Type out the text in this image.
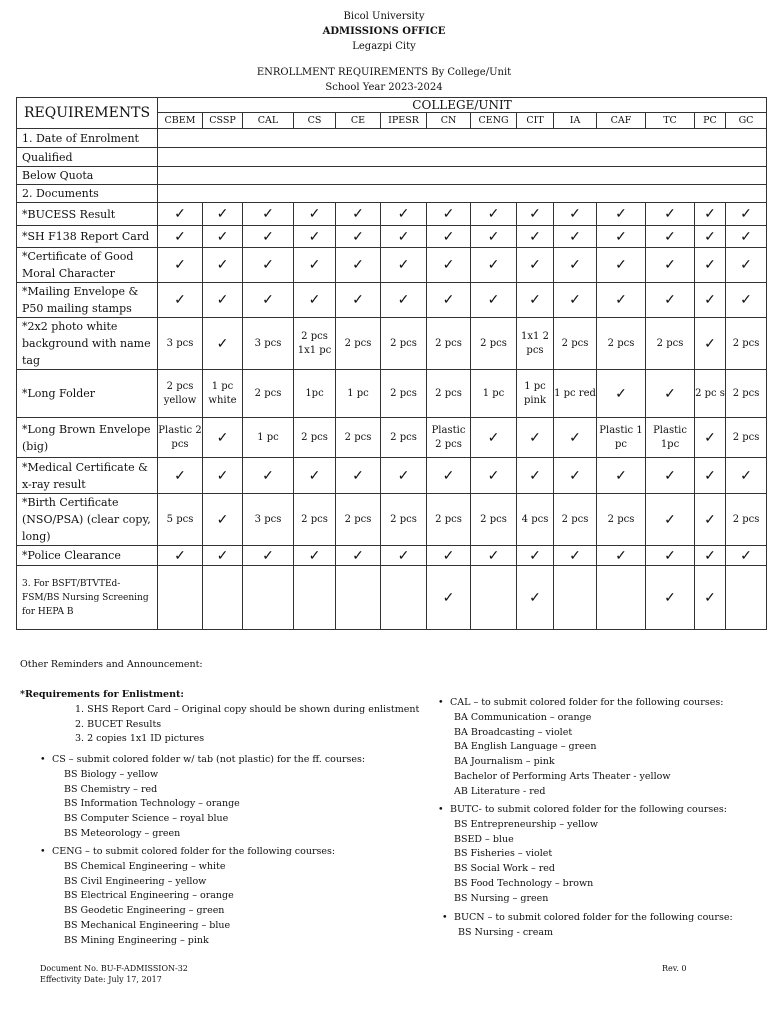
Bicol University
ADMISSIONS OFFICE
Legazpi City
ENROLLMENT REQUIREMENTS By College/Unit
School Year 2023-2024
REQUIREMENTS	COLLEGE/UNIT													
	CBEM	CSSP	CAL	CS	CE	IPESR	CN	CENG	CIT	IA	CAF	TC	PC	GC
1. Date of Enrolment														
Qualified														
Below Quota														
2. Documents														
*BUCESS Result	✓	✓	✓	✓	✓	✓	✓	✓	✓	✓	✓	✓	✓	✓
*SH F138 Report Card	✓	✓	✓	✓	✓	✓	✓	✓	✓	✓	✓	✓	✓	✓
*Certificate of Good Moral Character	✓	✓	✓	✓	✓	✓	✓	✓	✓	✓	✓	✓	✓	✓
*Mailing Envelope & P50 mailing stamps	✓	✓	✓	✓	✓	✓	✓	✓	✓	✓	✓	✓	✓	✓
*2x2 photo white background with name tag	3 pcs	✓	3 pcs	2 pcs 1x1 pc	2 pcs	2 pcs	2 pcs	2 pcs	1x1 2 pcs	2 pcs	2 pcs	2 pcs	✓	2 pcs
*Long Folder	2 pcs yellow	1 pc white	2 pcs	1pc	1 pc	2 pcs	2 pcs	1 pc	1 pc pink	1 pc red	✓	✓	2 pc s	2 pcs
*Long Brown Envelope (big)	Plastic 2 pcs	✓	1 pc	2 pcs	2 pcs	2 pcs	Plastic 2 pcs	✓	✓	✓	Plastic 1 pc	Plastic 1pc	✓	2 pcs
*Medical Certificate & x-ray result	✓	✓	✓	✓	✓	✓	✓	✓	✓	✓	✓	✓	✓	✓
*Birth Certificate (NSO/PSA) (clear copy, long)	5 pcs	✓	3 pcs	2 pcs	2 pcs	2 pcs	2 pcs	2 pcs	4 pcs	2 pcs	2 pcs	✓	✓	2 pcs
*Police Clearance	✓	✓	✓	✓	✓	✓	✓	✓	✓	✓	✓	✓	✓	✓
3. For BSFT/BTVTEd-FSM/BS Nursing Screening for HEPA B							✓		✓			✓	✓	
Other Reminders and Announcement:

*Requirements for Enlistment:

1. SHS Report Card – Original copy should be shown during enlistment

2. BUCET Results

3. 2 copies 1x1 ID pictures

• CS – submit colored folder w/ tab (not plastic) for the ff. courses:

BS Biology – yellow

BS Chemistry – red

BS Information Technology – orange

BS Computer Science – royal blue

BS Meteorology – green

• CENG – to submit colored folder for the following courses:

BS Chemical Engineering – white

BS Civil Engineering – yellow

BS Electrical Engineering – orange

BS Geodetic Engineering – green

BS Mechanical Engineering – blue

BS Mining Engineering – pink

• CAL – to submit colored folder for the following courses:

BA Communication – orange

BA Broadcasting – violet

BA English Language – green

BA Journalism – pink

Bachelor of Performing Arts Theater - yellow

AB Literature - red

• BUTC- to submit colored folder for the following courses:

BS Entrepreneurship – yellow

BSED – blue

BS Fisheries – violet

BS Social Work – red

BS Food Technology – brown

BS Nursing – green

• BUCN – to submit colored folder for the following course:

BS Nursing - cream

Document No. BU-F-ADMISSION-32
Effectivity Date: July 17, 2017
Rev. 0
